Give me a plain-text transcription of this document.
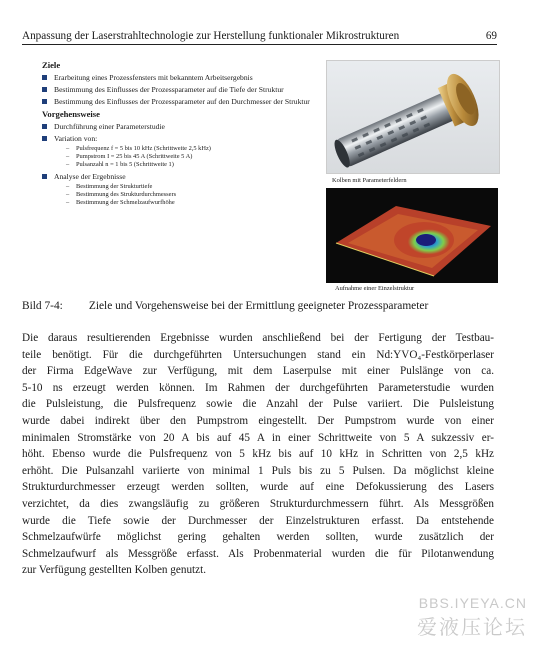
Anpassung der Laserstrahltechnologie zur Herstellung funktionaler Mikrostrukturen	69
Ziele
Erarbeitung eines Prozessfensters mit bekanntem Arbeitsergebnis
Bestimmung des Einflusses der Prozessparameter auf die Tiefe der Struktur
Bestimmung des Einflusses der Prozessparameter auf den Durchmesser der Struktur
Vorgehensweise
Durchführung einer Parameterstudie
Variation von:
– Pulsfrequenz f = 5 bis 10 kHz (Schrittweite 2,5 kHz)
– Pumpstrom I = 25 bis 45 A (Schrittweite 5 A)
– Pulsanzahl n = 1 bis 5 (Schrittweite 1)
Analyse der Ergebnisse
– Bestimmung der Strukturtiefe
– Bestimmung des Strukturdurchmessers
– Bestimmung der Schmelzaufwurfhöhe
Kolben mit Parameterfeldern
Aufnahme einer Einzelstruktur
Bild 7-4: Ziele und Vorgehensweise bei der Ermittlung geeigneter Prozessparameter
Die daraus resultierenden Ergebnisse wurden anschließend bei der Fertigung der Testbau-
teile benötigt. Für die durchgeführten Untersuchungen stand ein Nd:YVO₄-Festkörperlaser
der Firma EdgeWave zur Verfügung, mit dem Laserpulse mit einer Pulslänge von ca.
5-10 ns erzeugt werden können. Im Rahmen der durchgeführten Parameterstudie wurden
die Pulsleistung, die Pulsfrequenz sowie die Anzahl der Pulse variiert. Die Pulsleistung
wurde dabei indirekt über den Pumpstrom eingestellt. Der Pumpstrom wurde von einer
minimalen Stromstärke von 20 A bis auf 45 A in einer Schrittweite von 5 A sukzessiv er-
höht. Ebenso wurde die Pulsfrequenz von 5 kHz bis auf 10 kHz in Schritten von 2,5 kHz
erhöht. Die Pulsanzahl variierte von minimal 1 Puls bis zu 5 Pulsen. Da möglichst kleine
Strukturdurchmesser erzeugt werden sollten, wurde auf eine Defokussierung des Lasers
verzichtet, da dies zwangsläufig zu größeren Strukturdurchmessern führt. Als Messgrößen
wurde die Tiefe sowie der Durchmesser der Einzelstrukturen erfasst. Da entstehende
Schmelzaufwürfe möglichst gering gehalten werden sollten, wurde zusätzlich der
Schmelzaufwurf als Messgröße erfasst. Als Probenmaterial wurden die für Pilotanwendung
zur Verfügung gestellten Kolben genutzt.
BBS.IYEYA.CN
爱液压论坛
